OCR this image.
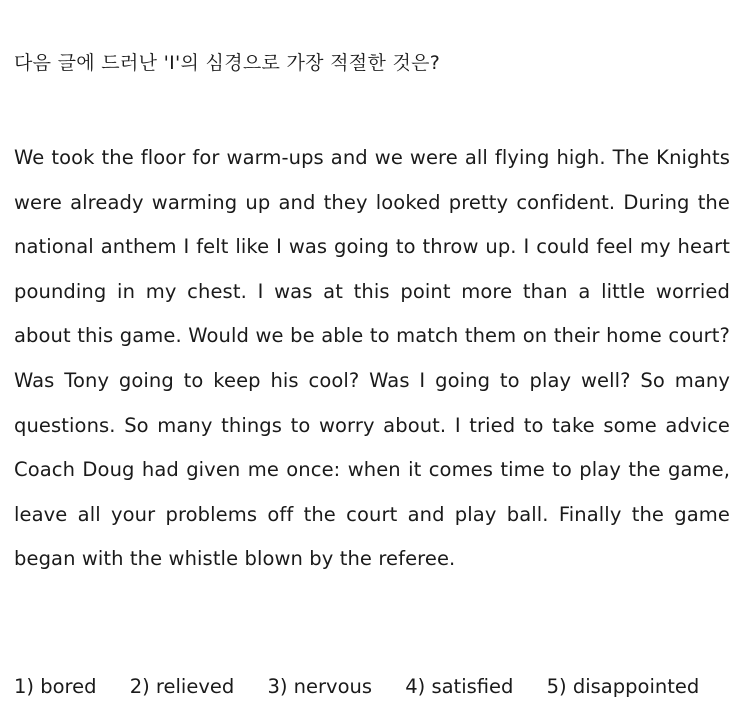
다음 글에 드러난 'I'의 심경으로 가장 적절한 것은?
We took the floor for warm-ups and we were all flying high. The Knights were already warming up and they looked pretty confident. During the national anthem I felt like I was going to throw up. I could feel my heart pounding in my chest. I was at this point more than a little worried about this game. Would we be able to match them on their home court? Was Tony going to keep his cool? Was I going to play well? So many questions. So many things to worry about. I tried to take some advice Coach Doug had given me once: when it comes time to play the game, leave all your problems off the court and play ball. Finally the game began with the whistle blown by the referee.
1) bored 2) relieved 3) nervous 4) satisfied 5) disappointed
